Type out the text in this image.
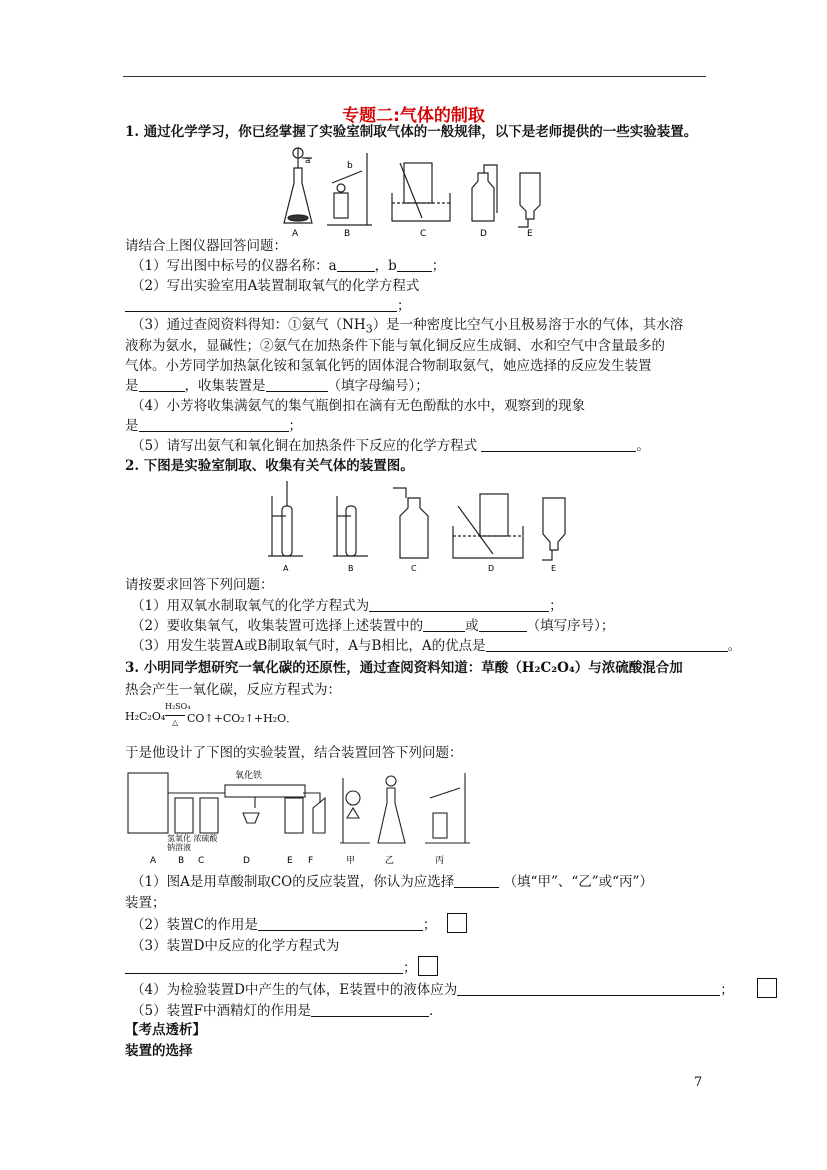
专题二:气体的制取
1. 通过化学学习，你已经掌握了实验室制取气体的一般规律，以下是老师提供的一些实验装置。
a	b
A	B	C	D	E
请结合上图仪器回答问题：
（1）写出图中标号的仪器名称：a	，b	；
（2）写出实验室用A装置制取氧气的化学方程式
；
（3）通过查阅资料得知：①氨气$(NH_3)$是一种密度比空气小且极易溶于水的气体，其水溶
液称为氨水，显碱性；②氨气在加热条件下能与氧化铜反应生成铜、水和空气中含量最多的
气体。小芳同学加热氯化铵和氢氧化钙的固体混合物制取氨气，她应选择的反应发生装置
是	，收集装置是	（填字母编号）；
（4）小芳将收集满氨气的集气瓶倒扣在滴有无色酚酞的水中，观察到的现象
是	；
（5）请写出氨气和氧化铜在加热条件下反应的化学方程式	。
2. 下图是实验室制取、收集有关气体的装置图。
A	B	C	D	E
请按要求回答下列问题：
（1）用双氧水制取氧气的化学方程式为	；
（2）要收集氧气，收集装置可选择上述装置中的	或	（填写序号）；
（3）用发生装置A或B制取氧气时，A与B相比，A的优点是	。
3. 小明同学想研究一氧化碳的还原性，通过查阅资料知道：草酸（H₂C₂O₄）与浓硫酸混合加
热会产生一氧化碳，反应方程式为：
H₂C₂O₄
H₂SO₄
△ CO↑+CO₂↑+H₂O．
于是他设计了下图的实验装置，结合装置回答下列问题：
氧化铁
氢氧化 浓硫酸
钠溶液
A B C	D	E F	甲	乙	丙
（1）图A是用草酸制取CO的反应装置，你认为应选择	（填“甲”、“乙”或“丙”）
装置；
（2）装置C的作用是	；
（3）装置D中反应的化学方程式为
；
（4）为检验装置D中产生的气体，E装置中的液体应为	；
（5）装置F中酒精灯的作用是	．
【考点透析】
装置的选择
7
